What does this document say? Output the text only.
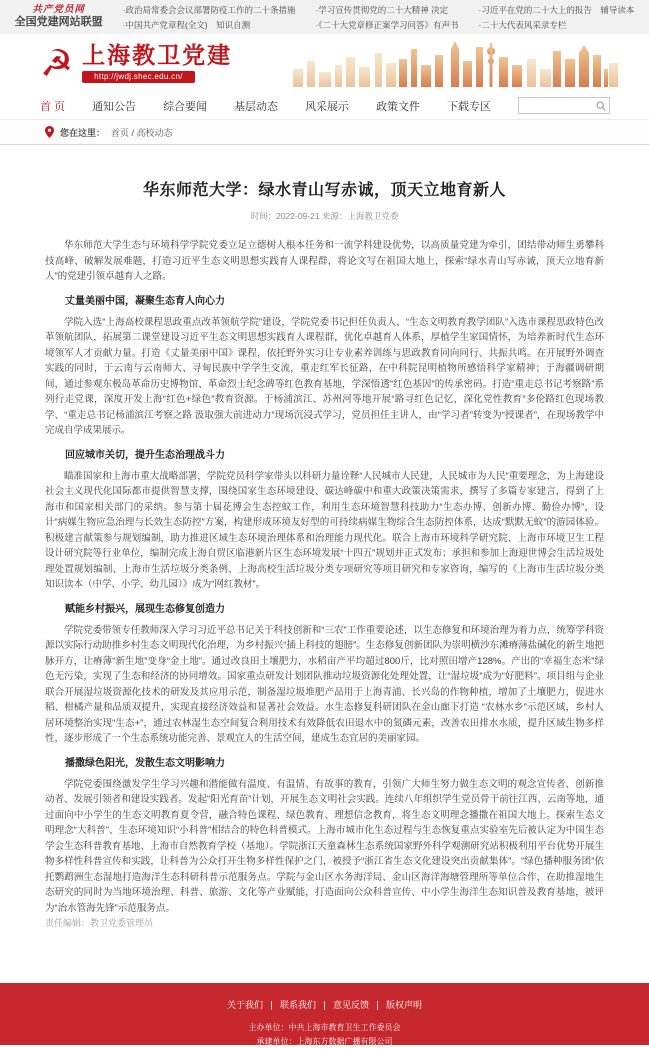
共产党员网
全国党建网站联盟
·政治局常委会会议部署防疫工作的二十条措施
·中国共产党章程(全文)　知识自测
·学习宣传贯彻党的二十大精神 决定
·《二十大党章修正案学习问答》有声书
·习近平在党的二十大上的报告　辅导读本
·二十大代表风采录专栏
☭ 上海教卫党建
http://jwdj.shec.edu.cn/
首 页 通知公告 综合要闻 基层动态 风采展示 政策文件 下载专区
您在这里： 首页 / 高校动态
华东师范大学：绿水青山写赤诚，顶天立地育新人
时间：2022-09-21 来源：上海教卫党委

华东师范大学生态与环境科学学院党委立足立德树人根本任务和一流学科建设优势，以高质量党建为牵引，团结带动师生勇攀科技高峰、破解发展难题，打造习近平生态文明思想实践育人课程群，将论文写在祖国大地上，探索“绿水青山写赤诚，顶天立地育新人”的党建引领卓越育人之路。

丈量美丽中国，凝聚生态育人向心力

学院入选“上海高校课程思政重点改革领航学院”建设，学院党委书记担任负责人，“生态文明教育教学团队”入选市课程思政特色改革领航团队，拓展第二课堂建设习近平生态文明思想实践育人课程群，优化卓越育人体系，厚植学生家国情怀，为培养新时代生态环境领军人才贡献力量。打造《丈量美丽中国》课程，依托野外实习让专业素养训练与思政教育同向同行、共振共鸣。在开展野外调查实践的同时，于云南与云南师大、寻甸民族中学学生交流，重走红军长征路，在中科院昆明植物所感悟科学家精神；于海疆调研期间，通过参观东极岛革命历史博物馆、革命烈士纪念碑等红色教育基地，学深悟透“红色基因”的传承密码。打造“重走总书记考察路”系列行走党课，深度开发上海“红色+绿色”教育资源。于杨浦滨江、苏州河等地开展“路寻红色记忆，深化党性教育”多伦路红色现场教学、“重走总书记杨浦滨江考察之路 汲取强大前进动力”现场沉浸式学习，党员担任主讲人，由“学习者”转变为“授课者”，在现场教学中完成自学成果展示。

回应城市关切，提升生态治理战斗力

瞄准国家和上海市重大战略部署，学院党员科学家带头以科研力量诠释“人民城市人民建，人民城市为人民”重要理念，为上海建设社会主义现代化国际都市提供智慧支撑，围绕国家生态环境建设、碳达峰碳中和重大政策决策需求，撰写了多篇专家建言，得到了上海市和国家相关部门的采纳。参与第十届花博会生态控蚊工作，利用生态环境智慧科技助力“生态办博、创新办博、勤俭办博”，设计“病媒生物应急治理与长效生态防控”方案，构建形成环境友好型的可持续病媒生物综合生态防控体系，达成“默默无蚊”的游园体验。积极建言献策参与规划编制，助力推进区域生态环境治理体系和治理能力现代化。联合上海市环境科学研究院、上海市环境卫生工程设计研究院等行业单位，编制完成上海自贸区临港新片区生态环境发展“十四五”规划并正式发布；承担和参加上海迎世博会生活垃圾处理处置规划编制、上海市生活垃圾分类条例、上海高校生活垃圾分类专项研究等项目研究和专家咨询，编写的《上海市生活垃圾分类知识读本（中学、小学、幼儿园）》成为“网红教材”。

赋能乡村振兴，展现生态修复创造力

学院党委带领专任教师深入学习习近平总书记关于科技创新和“三农”工作重要论述，以生态修复和环境治理为着力点，统筹学科资源以实际行动助推乡村生态文明现代化治理，为乡村振兴“插上科技的翅膀”。生态修复创新团队为崇明横沙东滩瘠薄盐碱化的新生地把脉开方，让瘠薄“新生地”变身“金土地”。通过改良田土壤肥力，水稻亩产平均超过800斤，比对照田增产128%。产出的“幸福生态米”绿色无污染，实现了生态和经济的协同增效。国家重点研发计划团队推动垃圾资源化处理处置，让“湿垃圾”成为“好肥料”。项目组与企业联合开展湿垃圾资源化技术的研发及其应用示范，制备湿垃圾堆肥产品用于上海青浦、长兴岛的作物种植，增加了土壤肥力，促进水稻、柑橘产量和品质双提升，实现直接经济效益和显著社会效益。水生态修复科研团队在金山廊下打造 “农林水乡”示范区域，乡村人居环境整治实现“生态+”，通过农林湿生态空间复合利用技术有效降低农田退水中的氮磷元素，改善农田排水水质，提升区域生物多样性，逐步形成了一个生态系统功能完善、景观宜人的生活空间，建成生态宜居的美丽家园。

播撒绿色阳光，发散生态文明影响力

学院党委围绕激发学生学习兴趣和潜能做有温度、有温情、有故事的教育，引领广大师生努力做生态文明的观念宣传者、创新推动者、发展引领者和建设实践者。发起“阳光育苗”计划，开展生态文明社会实践。连续八年组织学生党员骨干前往江西、云南等地，通过面向中小学生的生态文明教育夏令营，融合特色课程、绿色教育、理想信念教育，将生态文明理念播撒在祖国大地上。探索生态文明理念“大科普”、生态环境知识“小科普”相结合的特色科普模式。上海市城市化生态过程与生态恢复重点实验室先后被认定为中国生态学会生态科普教育基地、上海市自然教育学校（基地）。学院浙江天童森林生态系统国家野外科学观测研究站积极利用平台优势开展生物多样性科普宣传和实践，让科普为公众打开生物多样性保护之门，被授予“浙江省生态文化建设突出贡献集体”。“绿色播种服务团”依托鹦鹉洲生态湿地打造海洋生态科研科普示范服务点。学院与金山区水务海洋局、金山区海洋海塘管理所等单位合作，在助推湿地生态研究的同时为当地环境治理、科普、旅游、文化等产业赋能，打造面向公众科普宣传、中小学生海洋生态知识普及教育基地，被评为“治水管海先锋”示范服务点。

责任编辑：教卫党委管理员
关于我们	联系我们	意见反馈	版权声明
主办单位：中共上海市教育卫生工作委员会
承建单位：上海东方数据广播有限公司
